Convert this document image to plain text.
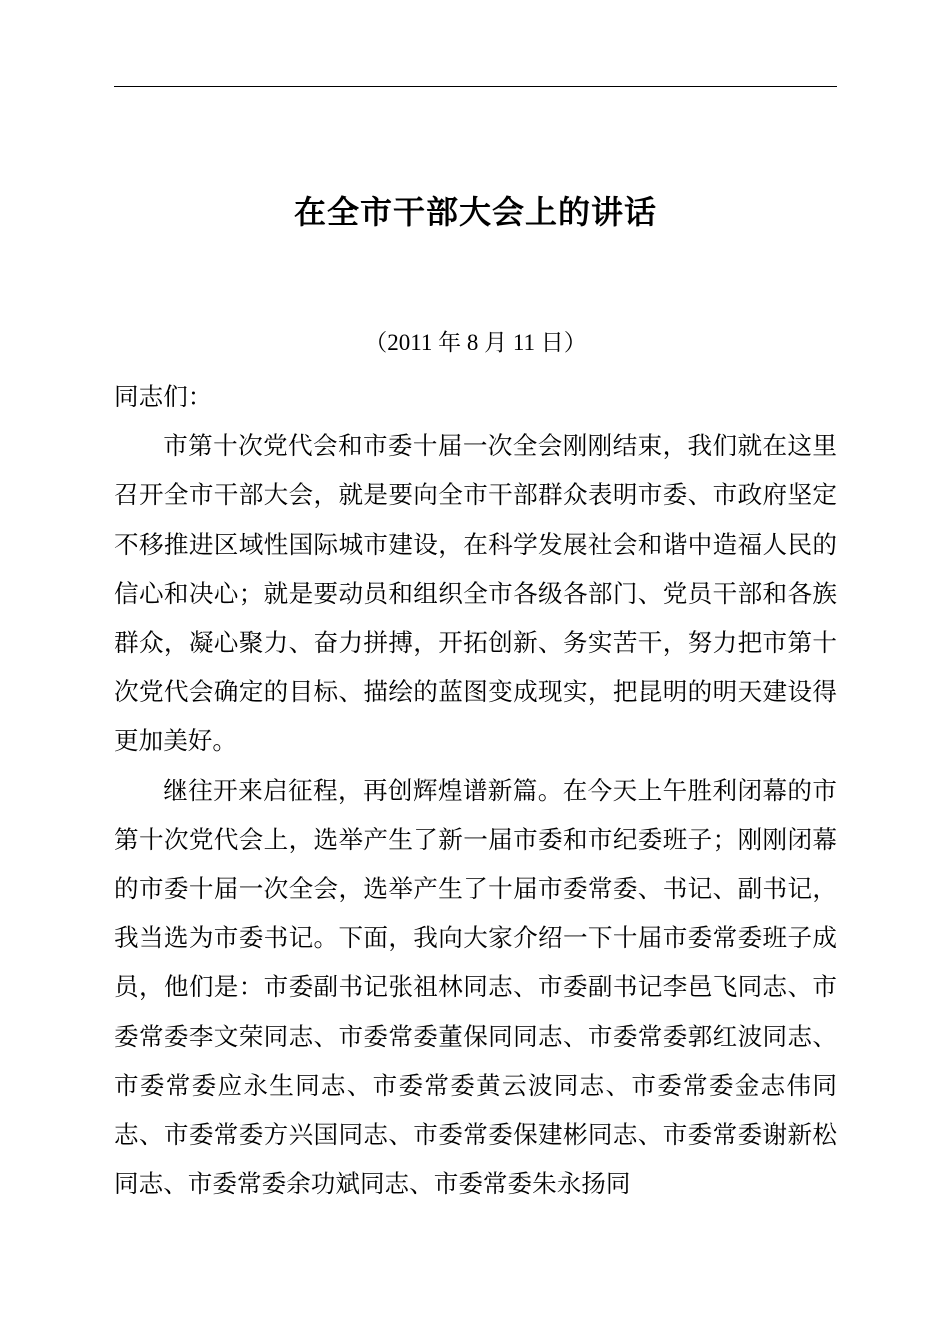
在全市干部大会上的讲话

（2011 年 8 月 11 日）

同志们：

市第十次党代会和市委十届一次全会刚刚结束，我们就在这里召开全市干部大会，就是要向全市干部群众表明市委、市政府坚定不移推进区域性国际城市建设，在科学发展社会和谐中造福人民的信心和决心；就是要动员和组织全市各级各部门、党员干部和各族群众，凝心聚力、奋力拼搏，开拓创新、务实苦干，努力把市第十次党代会确定的目标、描绘的蓝图变成现实，把昆明的明天建设得更加美好。

继往开来启征程，再创辉煌谱新篇。在今天上午胜利闭幕的市第十次党代会上，选举产生了新一届市委和市纪委班子；刚刚闭幕的市委十届一次全会，选举产生了十届市委常委、书记、副书记，我当选为市委书记。下面，我向大家介绍一下十届市委常委班子成员，他们是：市委副书记张祖林同志、市委副书记李邑飞同志、市委常委李文荣同志、市委常委董保同同志、市委常委郭红波同志、市委常委应永生同志、市委常委黄云波同志、市委常委金志伟同志、市委常委方兴国同志、市委常委保建彬同志、市委常委谢新松同志、市委常委余功斌同志、市委常委朱永扬同
